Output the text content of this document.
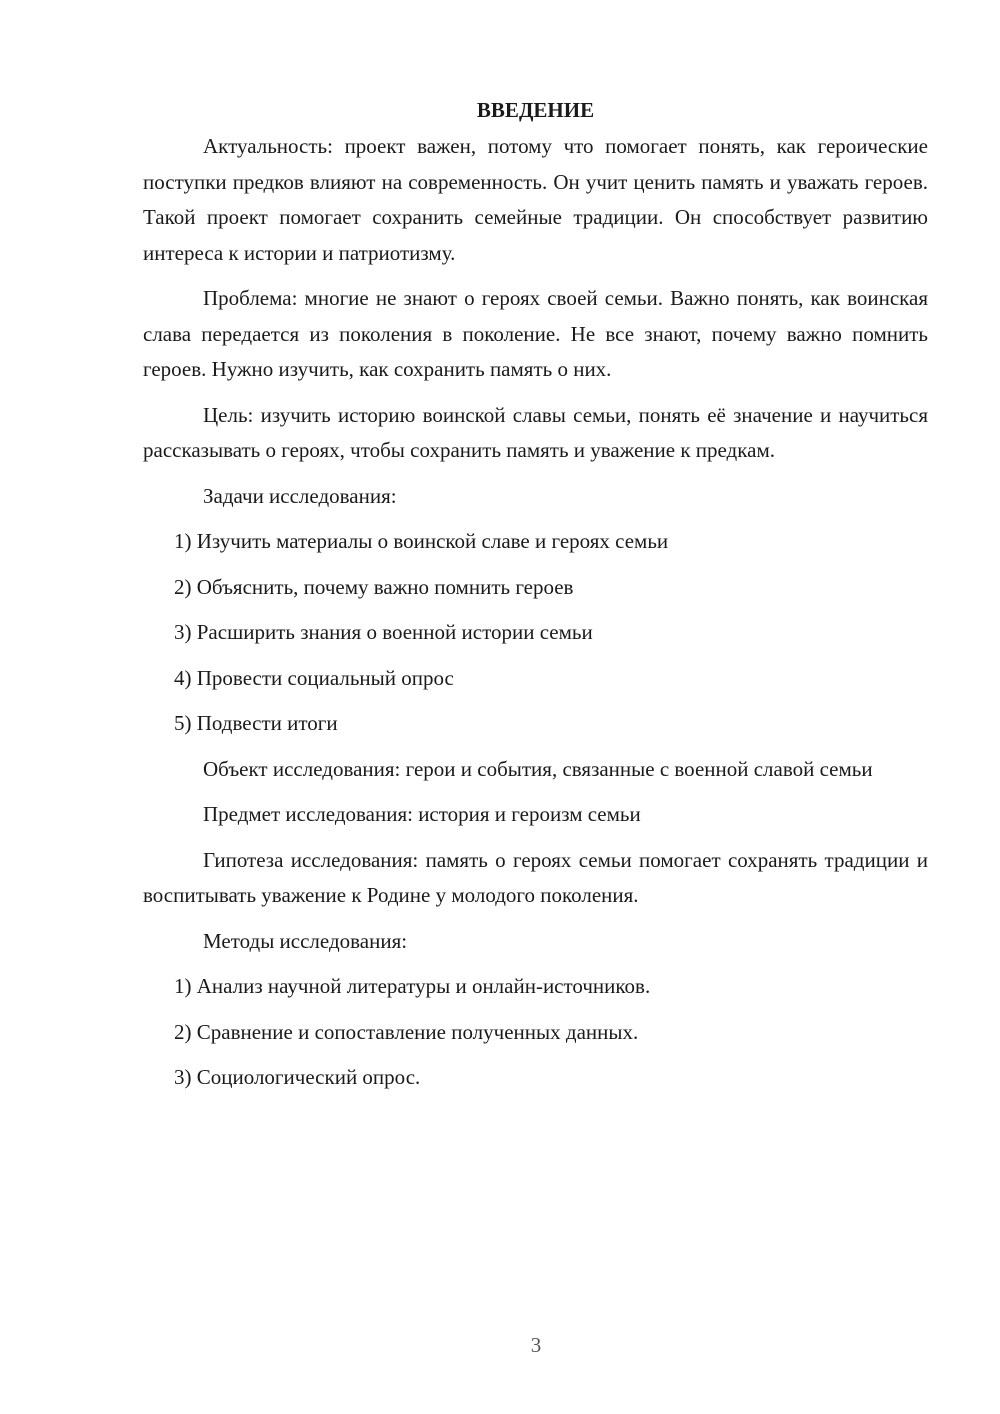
ВВЕДЕНИЕ

Актуальность: проект важен, потому что помогает понять, как героические поступки предков влияют на современность. Он учит ценить память и уважать героев. Такой проект помогает сохранить семейные традиции. Он способствует развитию интереса к истории и патриотизму.

Проблема: многие не знают о героях своей семьи. Важно понять, как воинская слава передается из поколения в поколение. Не все знают, почему важно помнить героев. Нужно изучить, как сохранить память о них.

Цель: изучить историю воинской славы семьи, понять её значение и научиться рассказывать о героях, чтобы сохранить память и уважение к предкам.

Задачи исследования:

1) Изучить материалы о воинской славе и героях семьи

2) Объяснить, почему важно помнить героев

3) Расширить знания о военной истории семьи

4) Провести социальный опрос

5) Подвести итоги

Объект исследования: герои и события, связанные с военной славой семьи

Предмет исследования: история и героизм семьи

Гипотеза исследования: память о героях семьи помогает сохранять традиции и воспитывать уважение к Родине у молодого поколения.

Методы исследования:

1) Анализ научной литературы и онлайн-источников.

2) Сравнение и сопоставление полученных данных.

3) Социологический опрос.

3
